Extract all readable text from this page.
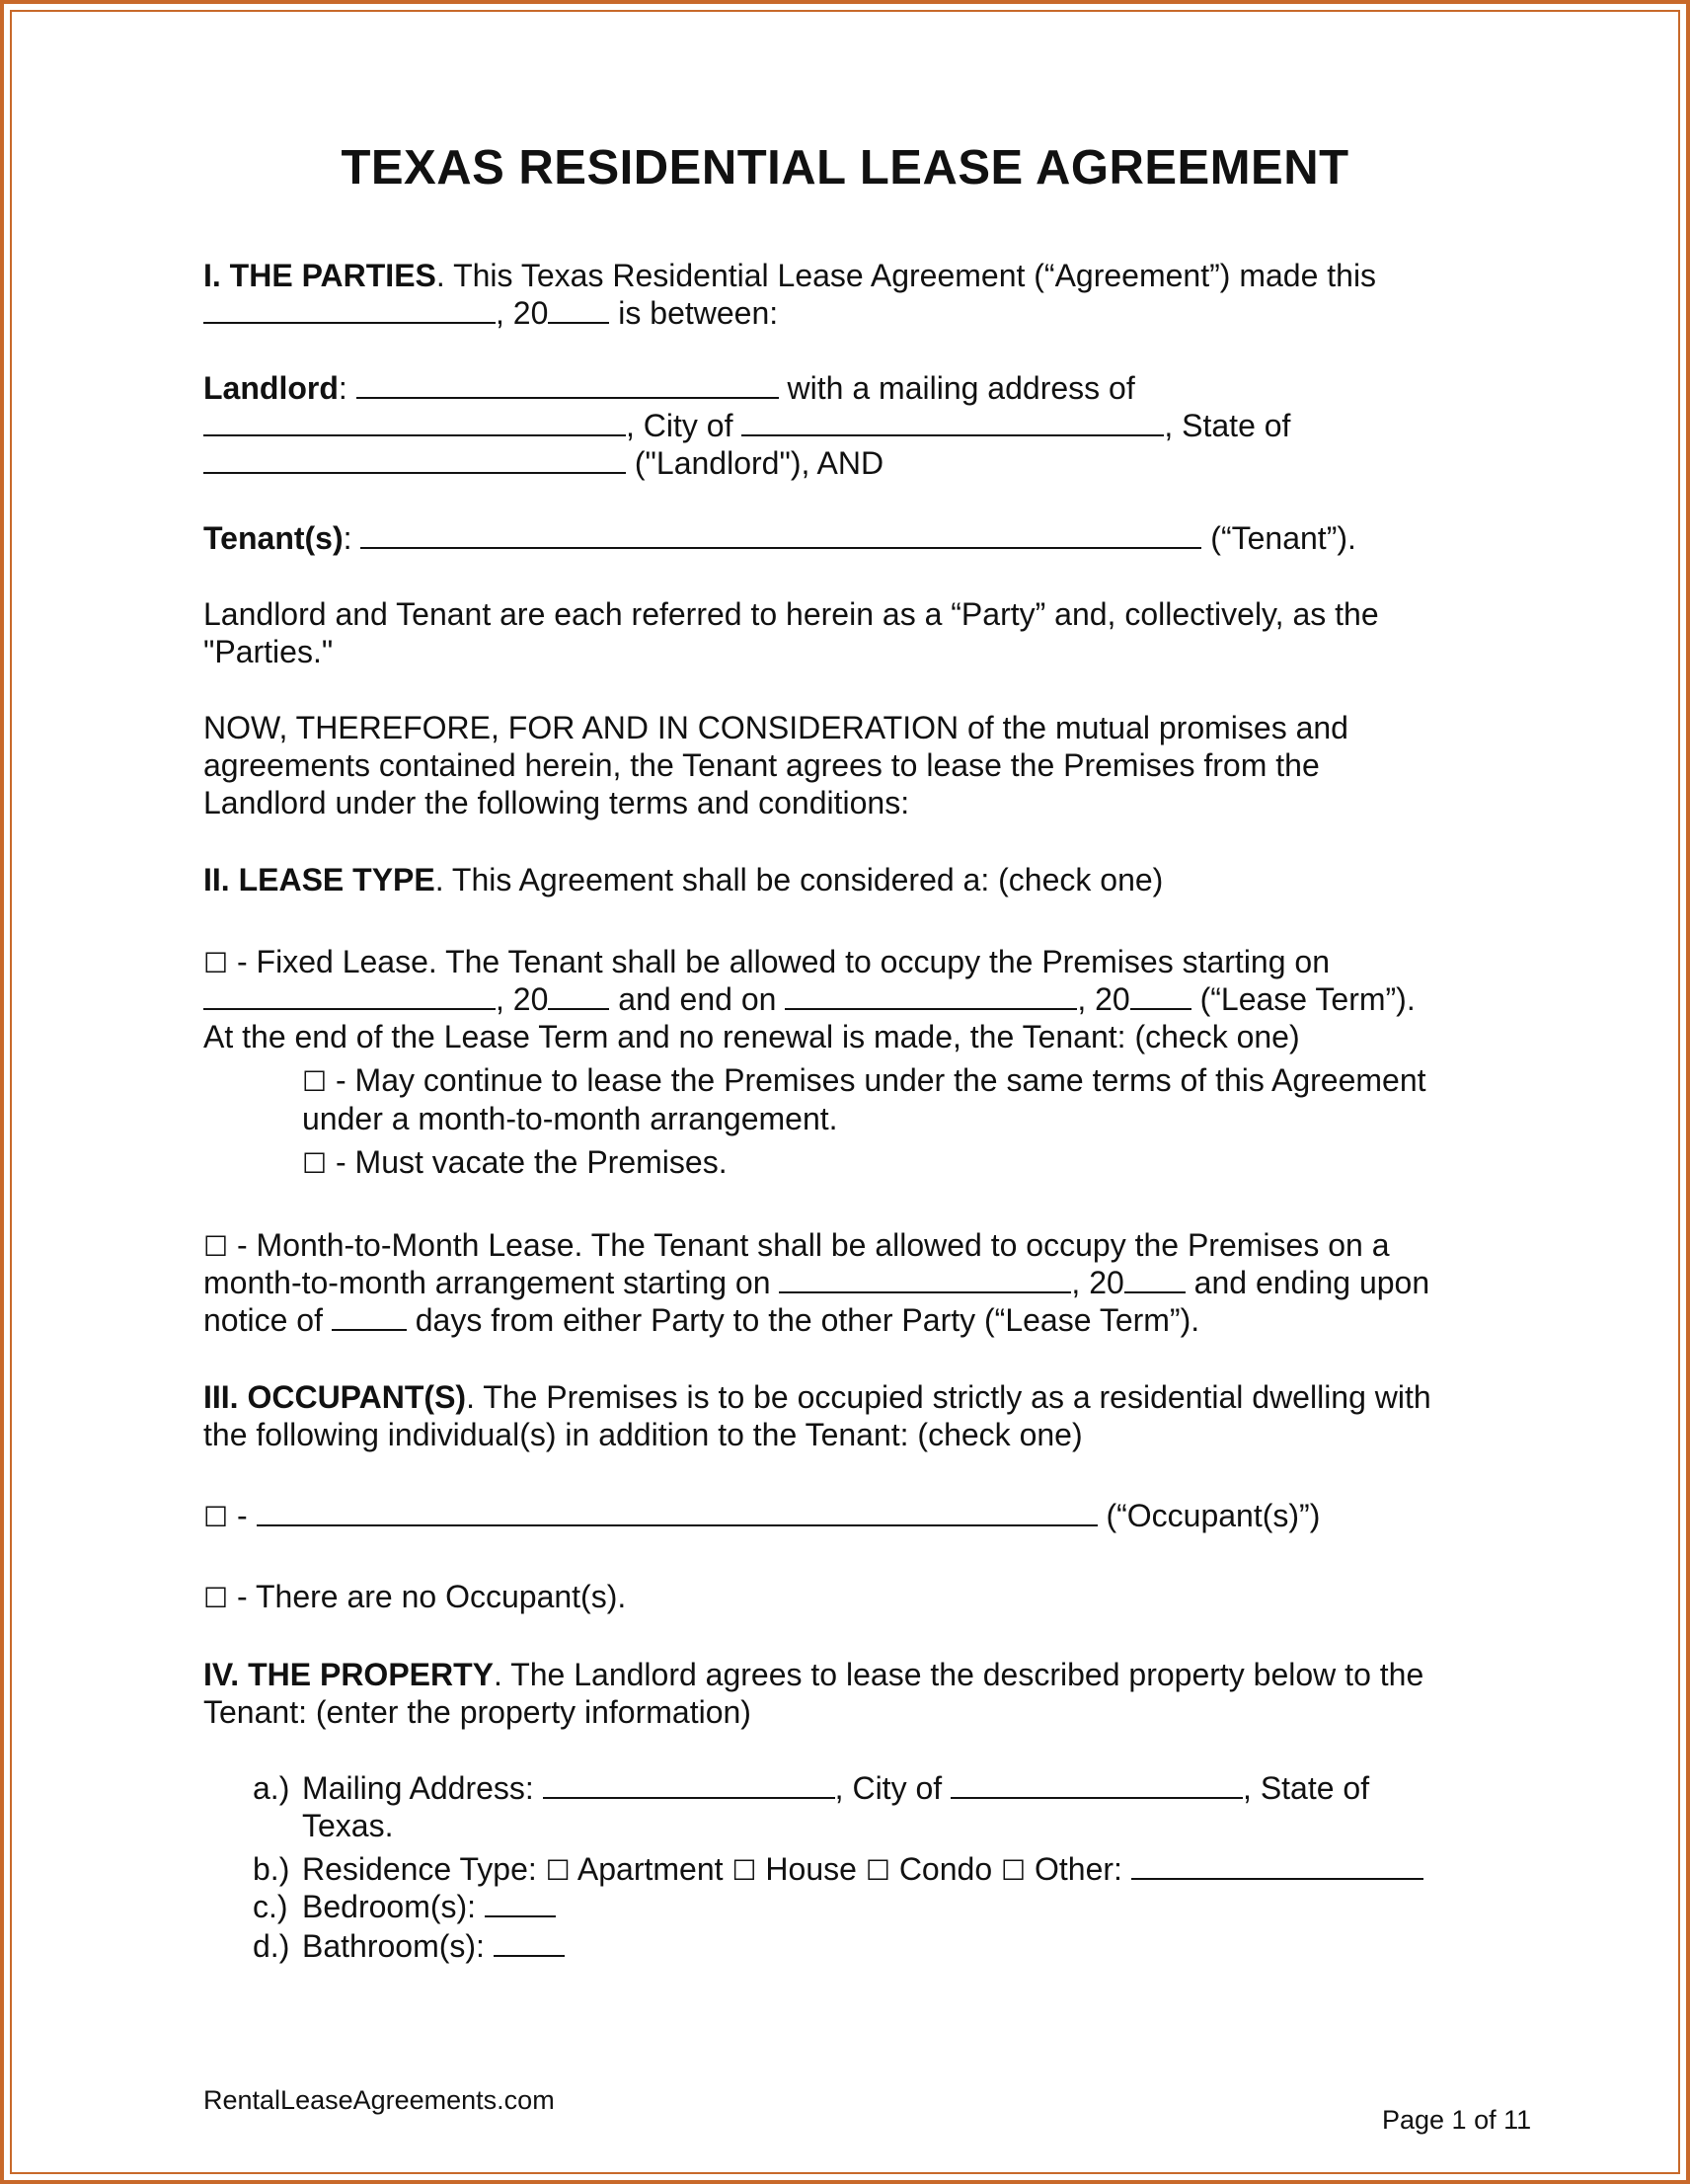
TEXAS RESIDENTIAL LEASE AGREEMENT
I. THE PARTIES. This Texas Residential Lease Agreement (“Agreement”) made this
, 20 is between:
Landlord:	with a mailing address of
, City of	, State of
("Landlord"), AND
Tenant(s):	(“Tenant”).
Landlord and Tenant are each referred to herein as a “Party” and, collectively, as the
"Parties."
NOW, THEREFORE, FOR AND IN CONSIDERATION of the mutual promises and
agreements contained herein, the Tenant agrees to lease the Premises from the
Landlord under the following terms and conditions:
II. LEASE TYPE. This Agreement shall be considered a: (check one)
☐ - Fixed Lease. The Tenant shall be allowed to occupy the Premises starting on
, 20 and end on	, 20 (“Lease Term”).
At the end of the Lease Term and no renewal is made, the Tenant: (check one)
☐ - May continue to lease the Premises under the same terms of this Agreement
under a month-to-month arrangement.
☐ - Must vacate the Premises.
☐ - Month-to-Month Lease. The Tenant shall be allowed to occupy the Premises on a
month-to-month arrangement starting on	, 20 and ending upon
notice of  days from either Party to the other Party (“Lease Term”).
III. OCCUPANT(S). The Premises is to be occupied strictly as a residential dwelling with
the following individual(s) in addition to the Tenant: (check one)
☐ -	(“Occupant(s)”)
☐ - There are no Occupant(s).
IV. THE PROPERTY. The Landlord agrees to lease the described property below to the
Tenant: (enter the property information)
a.) Mailing Address:	, City of	, State of
Texas.
b.) Residence Type: ☐ Apartment ☐ House ☐ Condo ☐ Other:
c.) Bedroom(s):
d.) Bathroom(s):
RentalLeaseAgreements.com
Page 1 of 11
